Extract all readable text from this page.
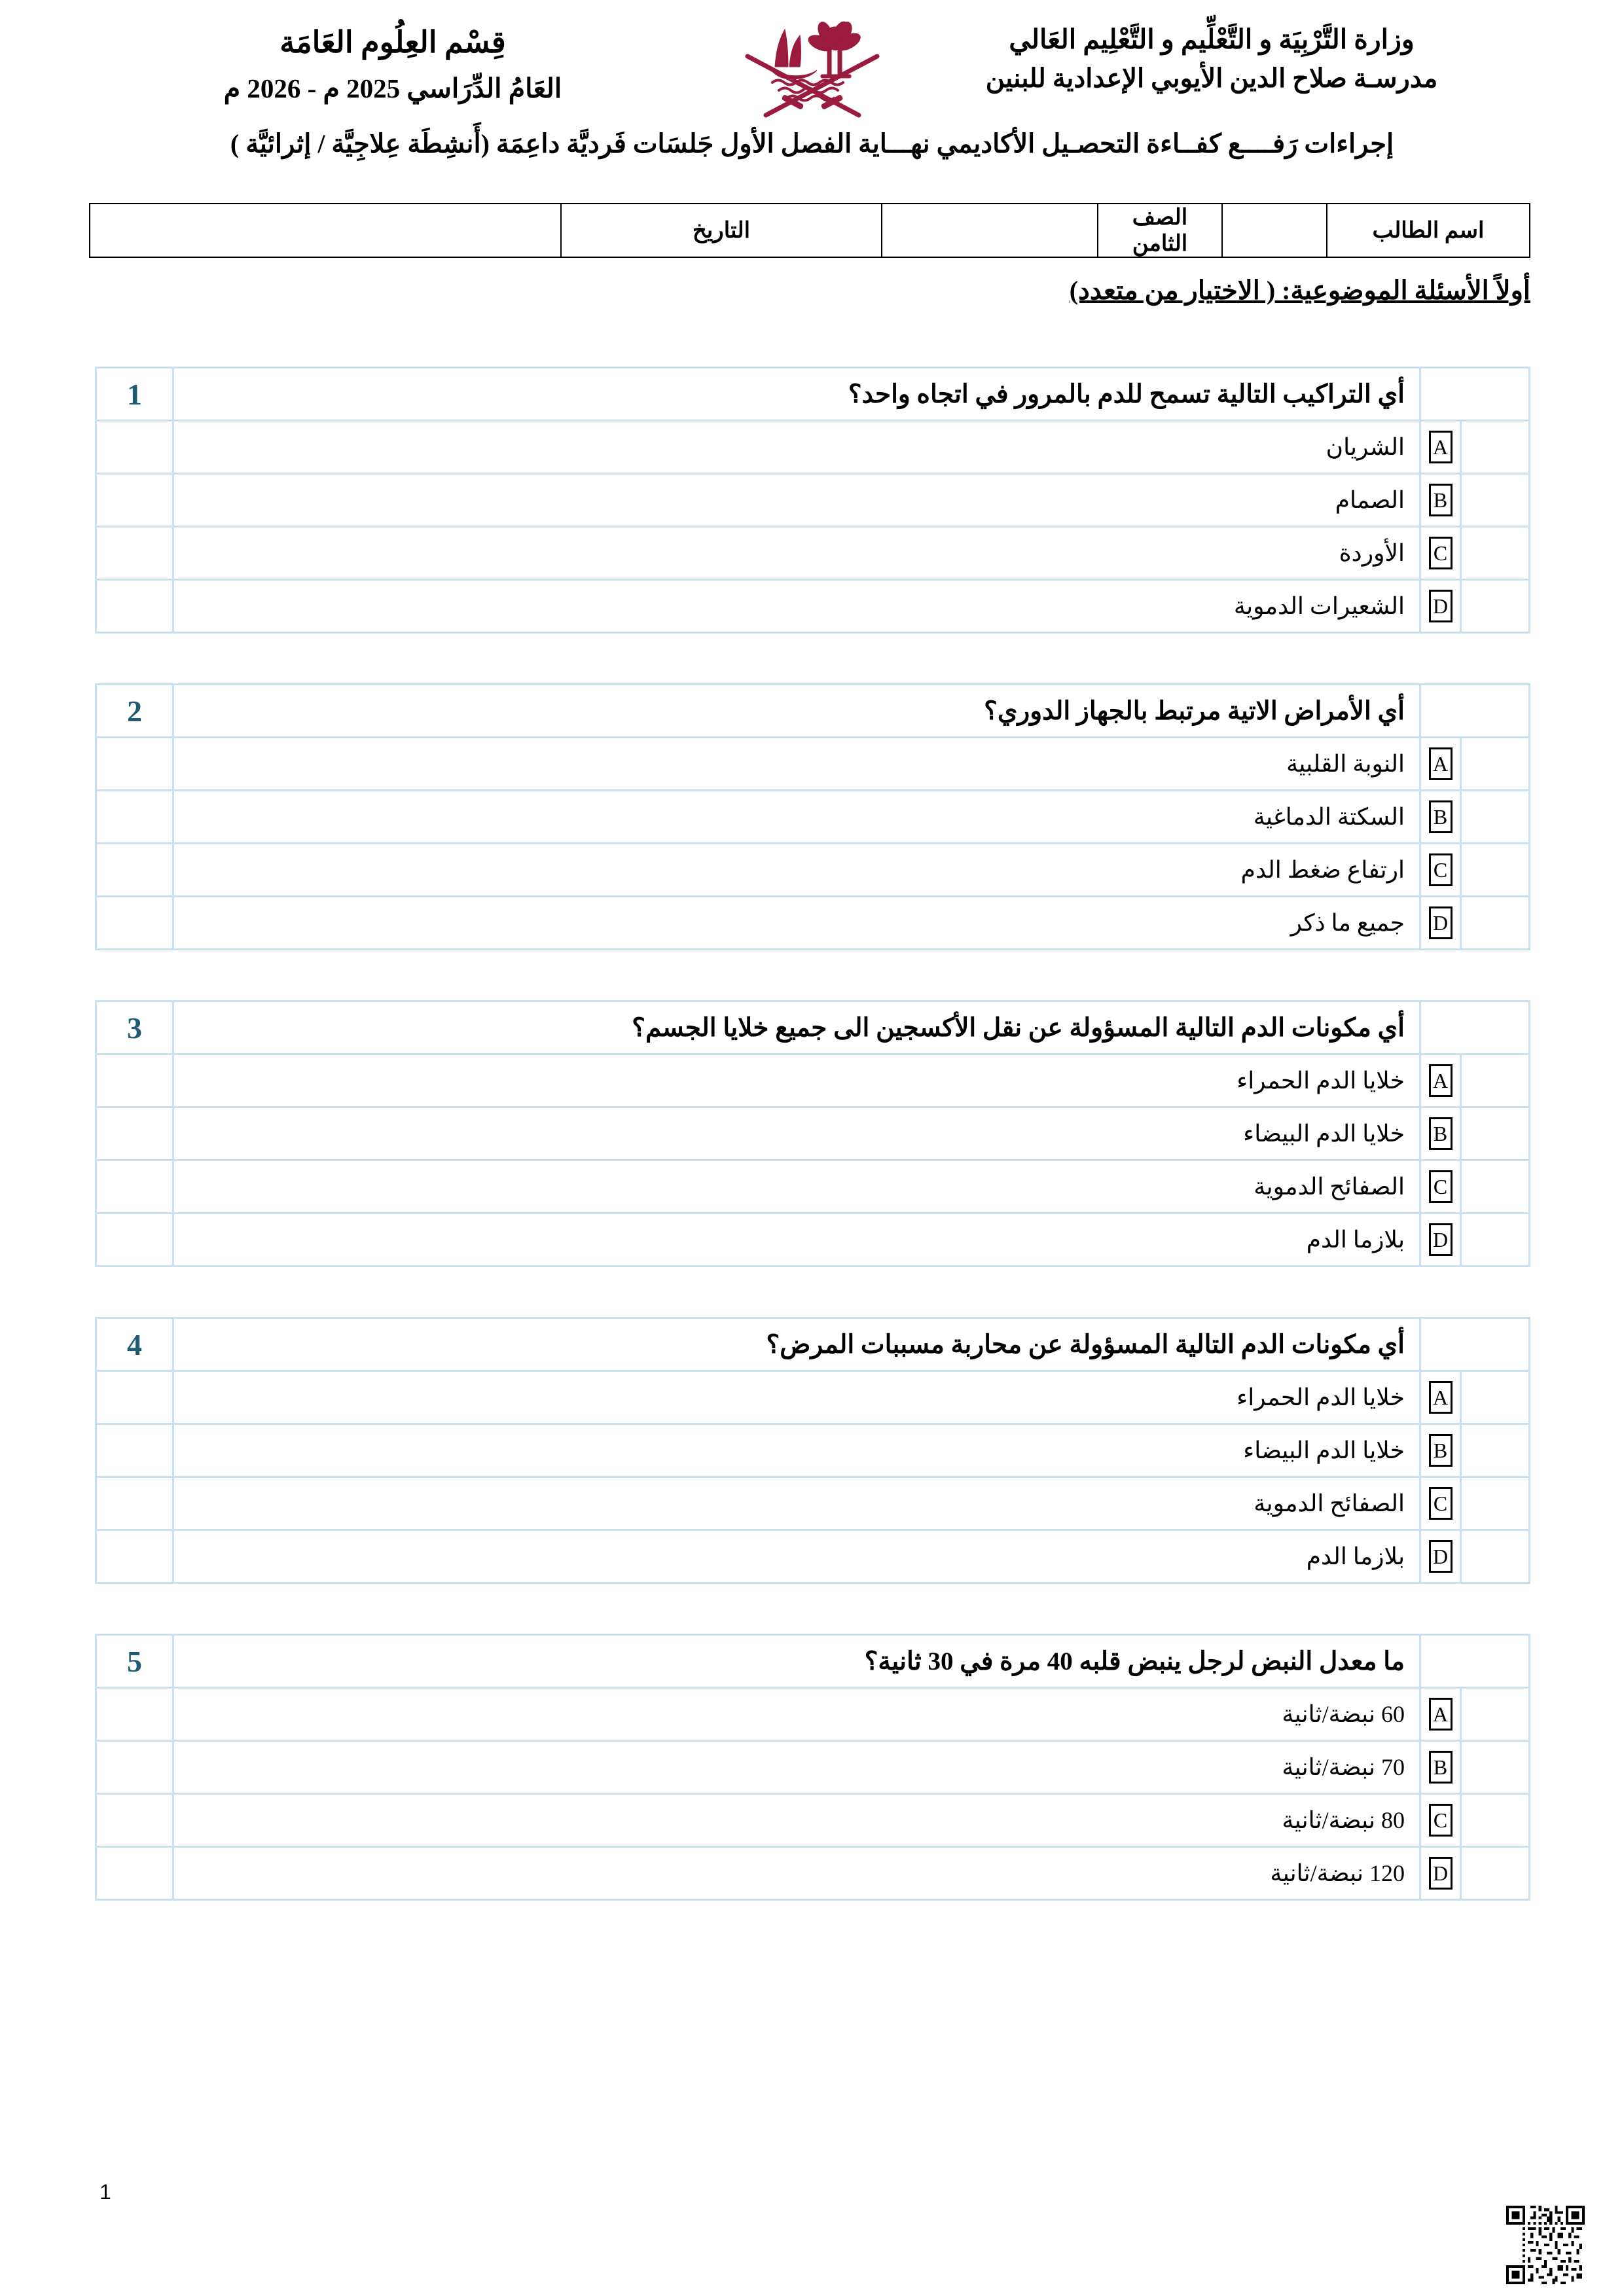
وزارة التَّرْبِيَة و التَّعْلِّيم و التَّعْلِيم العَالي
مدرسـة صلاح الدين الأيوبي الإعدادية للبنين
قِسْم العِلُوم العَامَة
العَامُ الدِّرَاسي 2025 م - 2026 م
إجراءات رَفــــع كفــاءة التحصـيل الأكاديمي نهـــاية الفصل الأول جَلسَات فَرديَّة داعِمَة (أَنشِطَة عِلاجِيَّة / إثرائيَّة )
اسم الطالب		الصف الثامن		التاريخ	
أولاً الأسئلة الموضوعية: ( الاختيار من متعدد)
		أي التراكيب التالية تسمح للدم بالمرور في اتجاه واحد؟	1
	A	الشريان	
	B	الصمام	
	C	الأوردة	
	D	الشعيرات الدموية	
		أي الأمراض الاتية مرتبط بالجهاز الدوري؟	2
	A	النوبة القلبية	
	B	السكتة الدماغية	
	C	ارتفاع ضغط الدم	
	D	جميع ما ذكر	
		أي مكونات الدم التالية المسؤولة عن نقل الأكسجين الى جميع خلايا الجسم؟	3
	A	خلايا الدم الحمراء	
	B	خلايا الدم البيضاء	
	C	الصفائح الدموية	
	D	بلازما الدم	
		أي مكونات الدم التالية المسؤولة عن محاربة مسببات المرض؟	4
	A	خلايا الدم الحمراء	
	B	خلايا الدم البيضاء	
	C	الصفائح الدموية	
	D	بلازما الدم	
		ما معدل النبض لرجل ينبض قلبه 40 مرة في 30 ثانية؟	5
	A	60 نبضة/ثانية	
	B	70 نبضة/ثانية	
	C	80 نبضة/ثانية	
	D	120 نبضة/ثانية	
1
